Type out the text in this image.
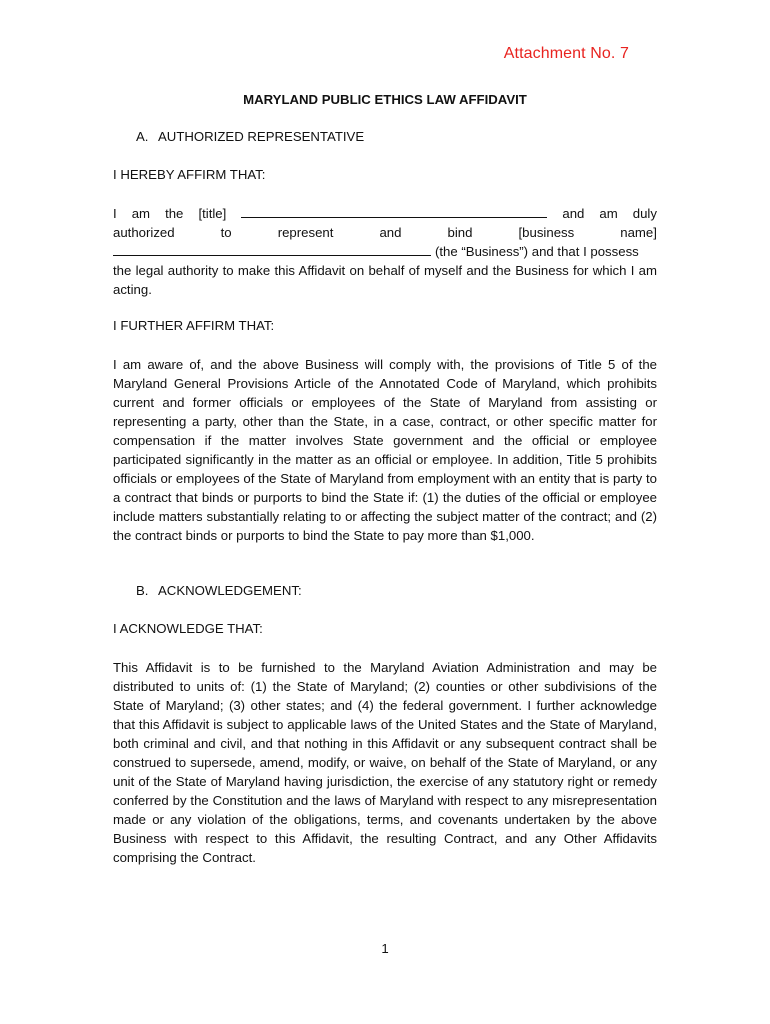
Attachment No. 7
MARYLAND PUBLIC ETHICS LAW AFFIDAVIT
A. AUTHORIZED REPRESENTATIVE
I HEREBY AFFIRM THAT:
I am the [title]	and am duly
authorized	to	represent	and	bind	[business	name]
(the “Business”) and that I possess
the legal authority to make this Affidavit on behalf of myself and the Business for which I am acting.
I FURTHER AFFIRM THAT:
I am aware of, and the above Business will comply with, the provisions of Title 5 of the Maryland General Provisions Article of the Annotated Code of Maryland, which prohibits current and former officials or employees of the State of Maryland from assisting or representing a party, other than the State, in a case, contract, or other specific matter for compensation if the matter involves State government and the official or employee participated significantly in the matter as an official or employee. In addition, Title 5 prohibits officials or employees of the State of Maryland from employment with an entity that is party to a contract that binds or purports to bind the State if: (1) the duties of the official or employee include matters substantially relating to or affecting the subject matter of the contract; and (2) the contract binds or purports to bind the State to pay more than $1,000.
B. ACKNOWLEDGEMENT:
I ACKNOWLEDGE THAT:
This Affidavit is to be furnished to the Maryland Aviation Administration and may be distributed to units of: (1) the State of Maryland; (2) counties or other subdivisions of the State of Maryland; (3) other states; and (4) the federal government. I further acknowledge that this Affidavit is subject to applicable laws of the United States and the State of Maryland, both criminal and civil, and that nothing in this Affidavit or any subsequent contract shall be construed to supersede, amend, modify, or waive, on behalf of the State of Maryland, or any unit of the State of Maryland having jurisdiction, the exercise of any statutory right or remedy conferred by the Constitution and the laws of Maryland with respect to any misrepresentation made or any violation of the obligations, terms, and covenants undertaken by the above Business with respect to this Affidavit, the resulting Contract, and any Other Affidavits comprising the Contract.
1
